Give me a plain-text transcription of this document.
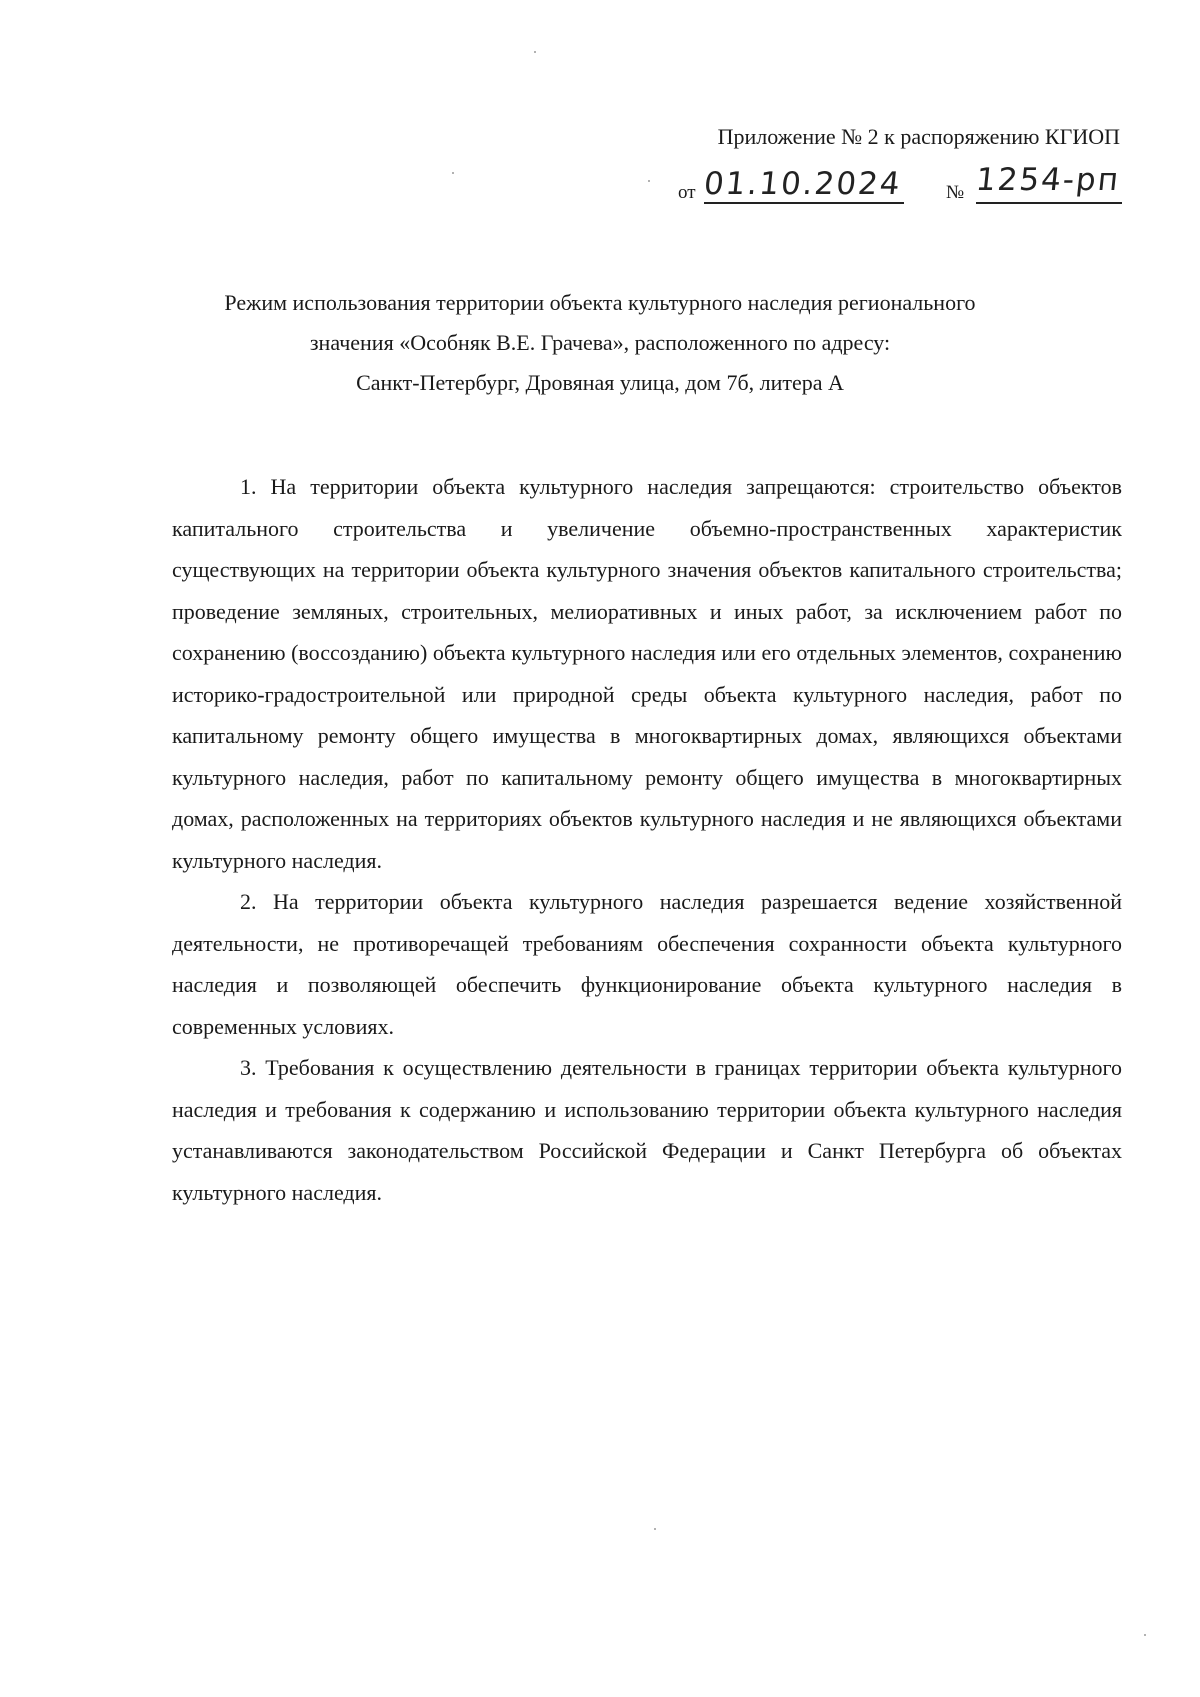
Приложение № 2 к распоряжению КГИОП
от 01.10.2024 № 1254-рп
Режим использования территории объекта культурного наследия регионального
значения «Особняк В.Е. Грачева», расположенного по адресу:
Санкт-Петербург, Дровяная улица, дом 7б, литера А

1. На территории объекта культурного наследия запрещаются: строительство объектов капитального строительства и увеличение объемно-пространственных характеристик существующих на территории объекта культурного значения объектов капитального строительства; проведение земляных, строительных, мелиоративных и иных работ, за исключением работ по сохранению (воссозданию) объекта культурного наследия или его отдельных элементов, сохранению историко-градостроительной или природной среды объекта культурного наследия, работ по капитальному ремонту общего имущества в многоквартирных домах, являющихся объектами культурного наследия, работ по капитальному ремонту общего имущества в многоквартирных домах, расположенных на территориях объектов культурного наследия и не являющихся объектами культурного наследия.

2. На территории объекта культурного наследия разрешается ведение хозяйственной деятельности, не противоречащей требованиям обеспечения сохранности объекта культурного наследия и позволяющей обеспечить функционирование объекта культурного наследия в современных условиях.

3. Требования к осуществлению деятельности в границах территории объекта культурного наследия и требования к содержанию и использованию территории объекта культурного наследия устанавливаются законодательством Российской Федерации и Санкт Петербурга об объектах культурного наследия.
